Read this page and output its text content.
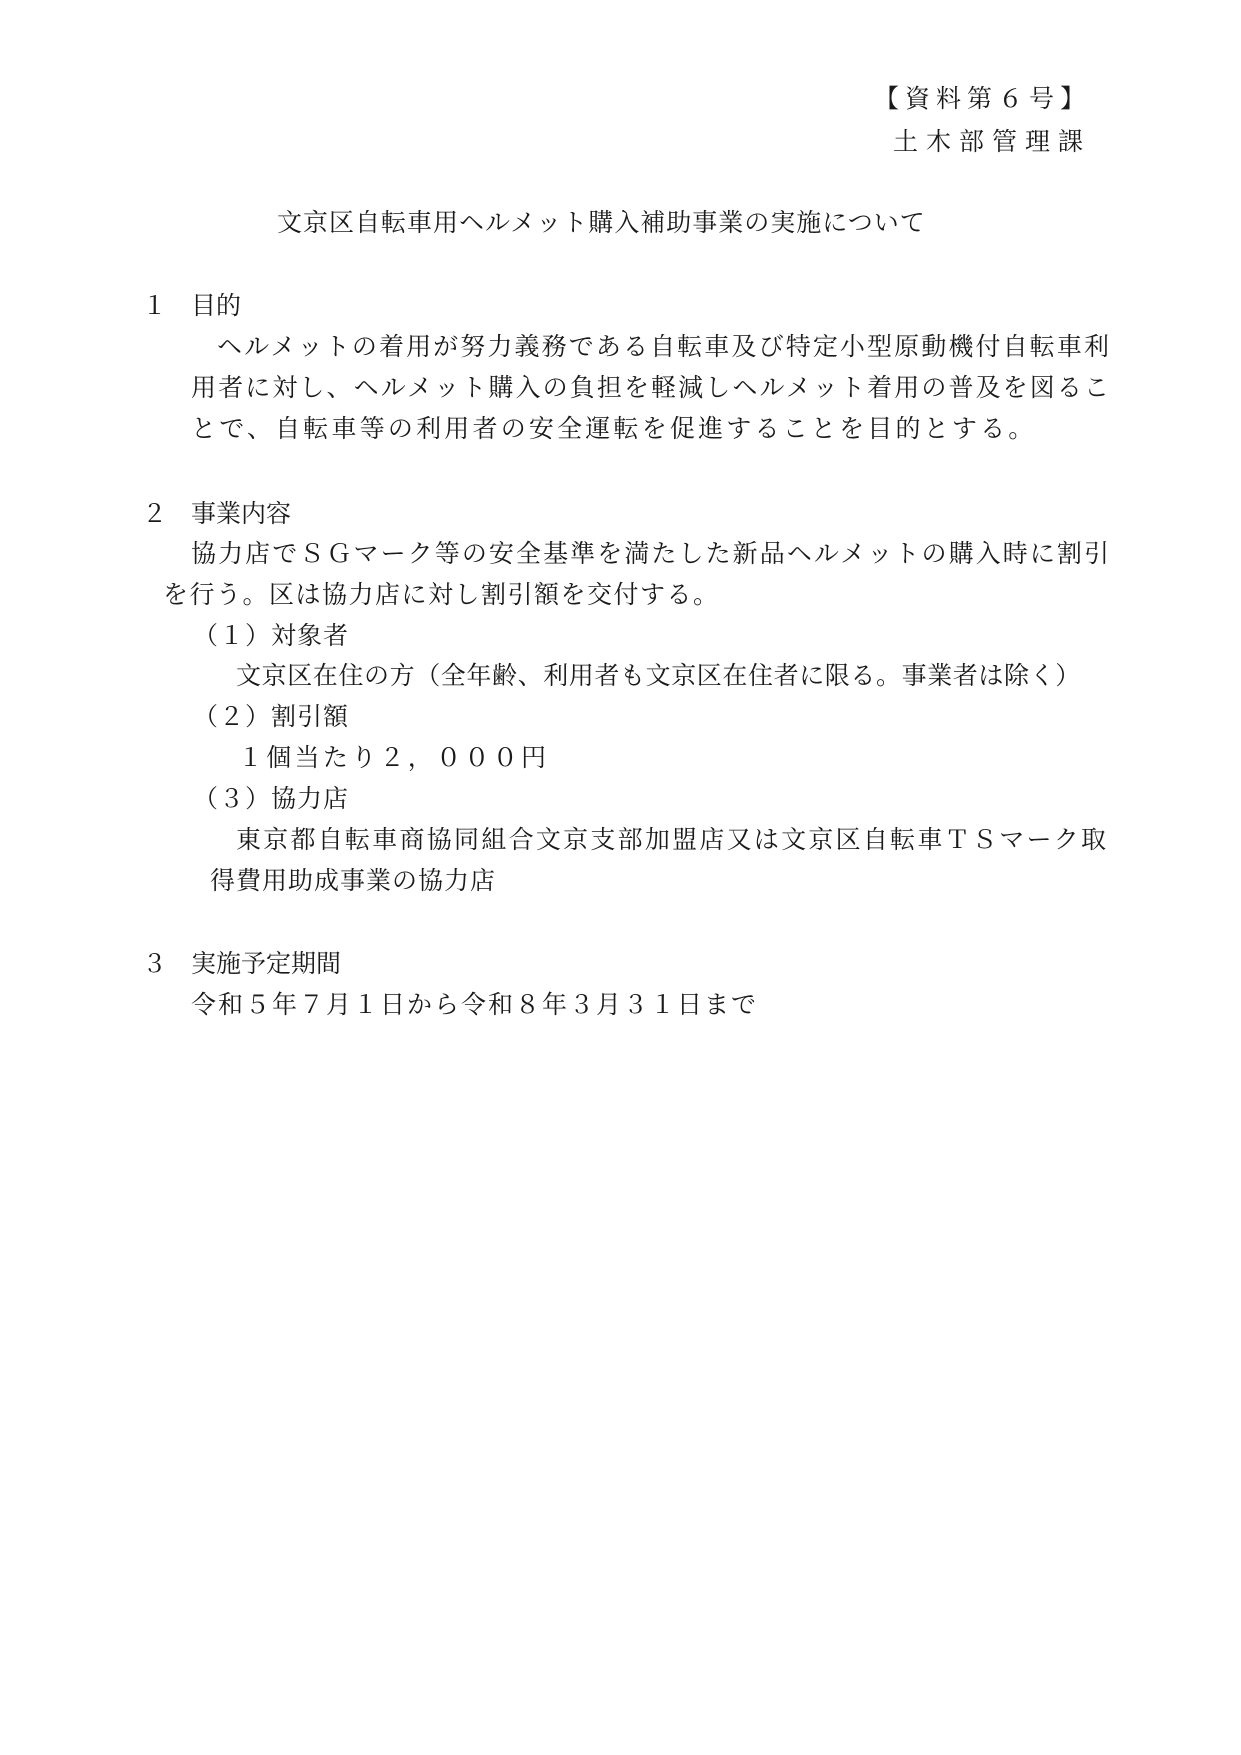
【資料第６号】
土木部管理課
文京区自転車用ヘルメット購入補助事業の実施について
１ 目的
ヘルメットの着用が努力義務である自転車及び特定小型原動機付自転車利
用者に対し、ヘルメット購入の負担を軽減しヘルメット着用の普及を図るこ
とで、自転車等の利用者の安全運転を促進することを目的とする。
２ 事業内容
協力店でＳＧマーク等の安全基準を満たした新品ヘルメットの購入時に割引
を行う。区は協力店に対し割引額を交付する。
（１）対象者
文京区在住の方（全年齢、利用者も文京区在住者に限る。事業者は除く）
（２）割引額
１個当たり２，０００円
（３）協力店
東京都自転車商協同組合文京支部加盟店又は文京区自転車ＴＳマーク取
得費用助成事業の協力店
３ 実施予定期間
令和５年７月１日から令和８年３月３１日まで
